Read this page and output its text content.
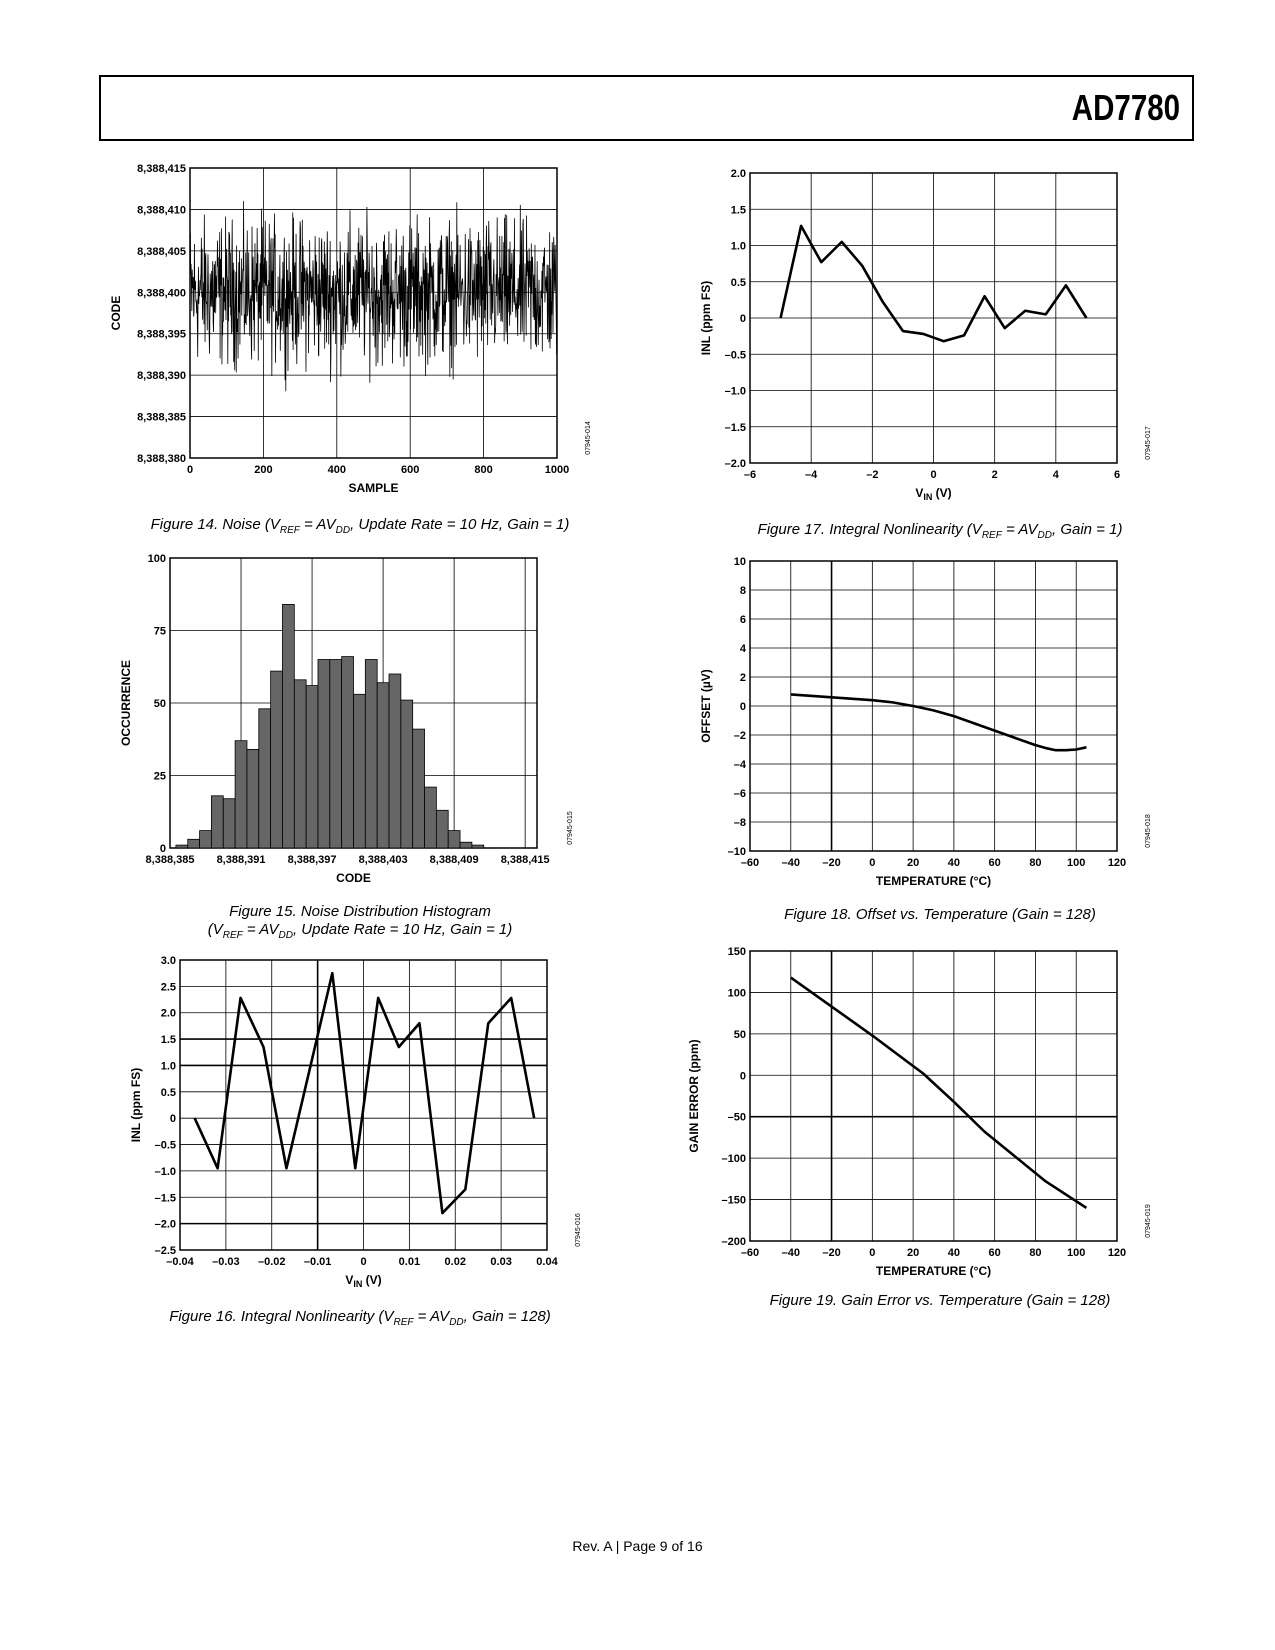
AD7780
0	200	400	600	800	1000
8,388,380
8,388,385
8,388,390
8,388,395
8,388,400
8,388,405
8,388,410
8,388,415
SAMPLE
CODE
07945-014
8,388,385 8,388,391 8,388,397 8,388,403 8,388,409 8,388,415
0
25
50
75
100
CODE
OCCURRENCE
07945-015
–0.04 –0.03 –0.02 –0.01	0	0.01 0.02 0.03 0.04
–2.5
–2.0
–1.5
–1.0
–0.5
0
0.5
1.0
1.5
2.0
2.5
3.0
$V_{IN}$ (V)
INL (ppm FS)
07945-016
–6	–4	–2	0	2	4	6
–2.0
–1.5
–1.0
–0.5
0
0.5
1.0
1.5
2.0
$V_{IN}$ (V)
INL (ppm FS)
07945-017
–60 –40 –20	0	20	40	60	80 100 120
–10
–8
–6
–4
–2
0
2
4
6
8
10
TEMPERATURE (°C)
OFFSET (µV)
07945-018
–60 –40 –20	0	20	40	60	80 100 120
–200
–150
–100
–50
0
50
100
150
TEMPERATURE (°C)
GAIN ERROR (ppm)
07945-019
Figure 14. Noise ($V_{REF} = AV_{DD}$, Update Rate = 10 Hz, Gain = 1)
Figure 15. Noise Distribution Histogram
($V_{REF} = AV_{DD}$, Update Rate = 10 Hz, Gain = 1)
Figure 16. Integral Nonlinearity ($V_{REF} = AV_{DD}$, Gain = 128)
Figure 17. Integral Nonlinearity ($V_{REF} = AV_{DD}$, Gain = 1)
Figure 18. Offset vs. Temperature (Gain = 128)
Figure 19. Gain Error vs. Temperature (Gain = 128)
Rev. A | Page 9 of 16
